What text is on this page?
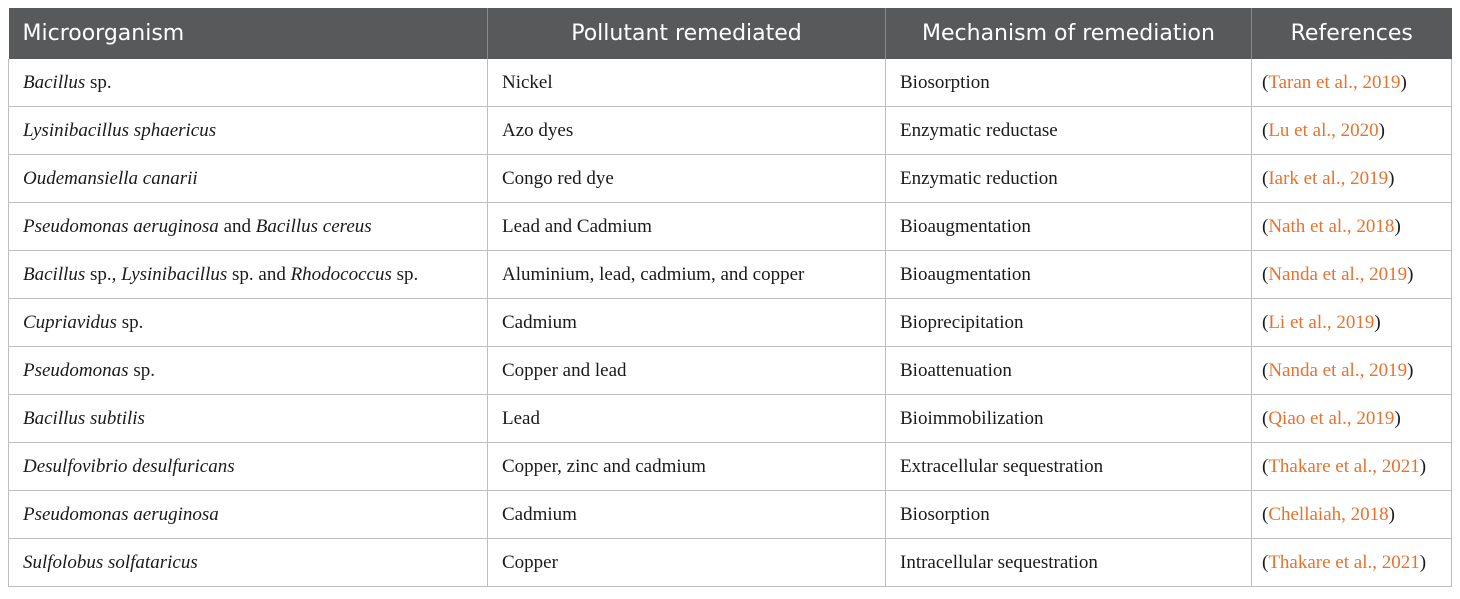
Microorganism	Pollutant remediated	Mechanism of remediation	References
Bacillus sp.	Nickel	Biosorption	(Taran et al., 2019)
Lysinibacillus sphaericus	Azo dyes	Enzymatic reductase	(Lu et al., 2020)
Oudemansiella canarii	Congo red dye	Enzymatic reduction	(Iark et al., 2019)
Pseudomonas aeruginosa and Bacillus cereus	Lead and Cadmium	Bioaugmentation	(Nath et al., 2018)
Bacillus sp., Lysinibacillus sp. and Rhodococcus sp.	Aluminium, lead, cadmium, and copper	Bioaugmentation	(Nanda et al., 2019)
Cupriavidus sp.	Cadmium	Bioprecipitation	(Li et al., 2019)
Pseudomonas sp.	Copper and lead	Bioattenuation	(Nanda et al., 2019)
Bacillus subtilis	Lead	Bioimmobilization	(Qiao et al., 2019)
Desulfovibrio desulfuricans	Copper, zinc and cadmium	Extracellular sequestration	(Thakare et al., 2021)
Pseudomonas aeruginosa	Cadmium	Biosorption	(Chellaiah, 2018)
Sulfolobus solfataricus	Copper	Intracellular sequestration	(Thakare et al., 2021)
